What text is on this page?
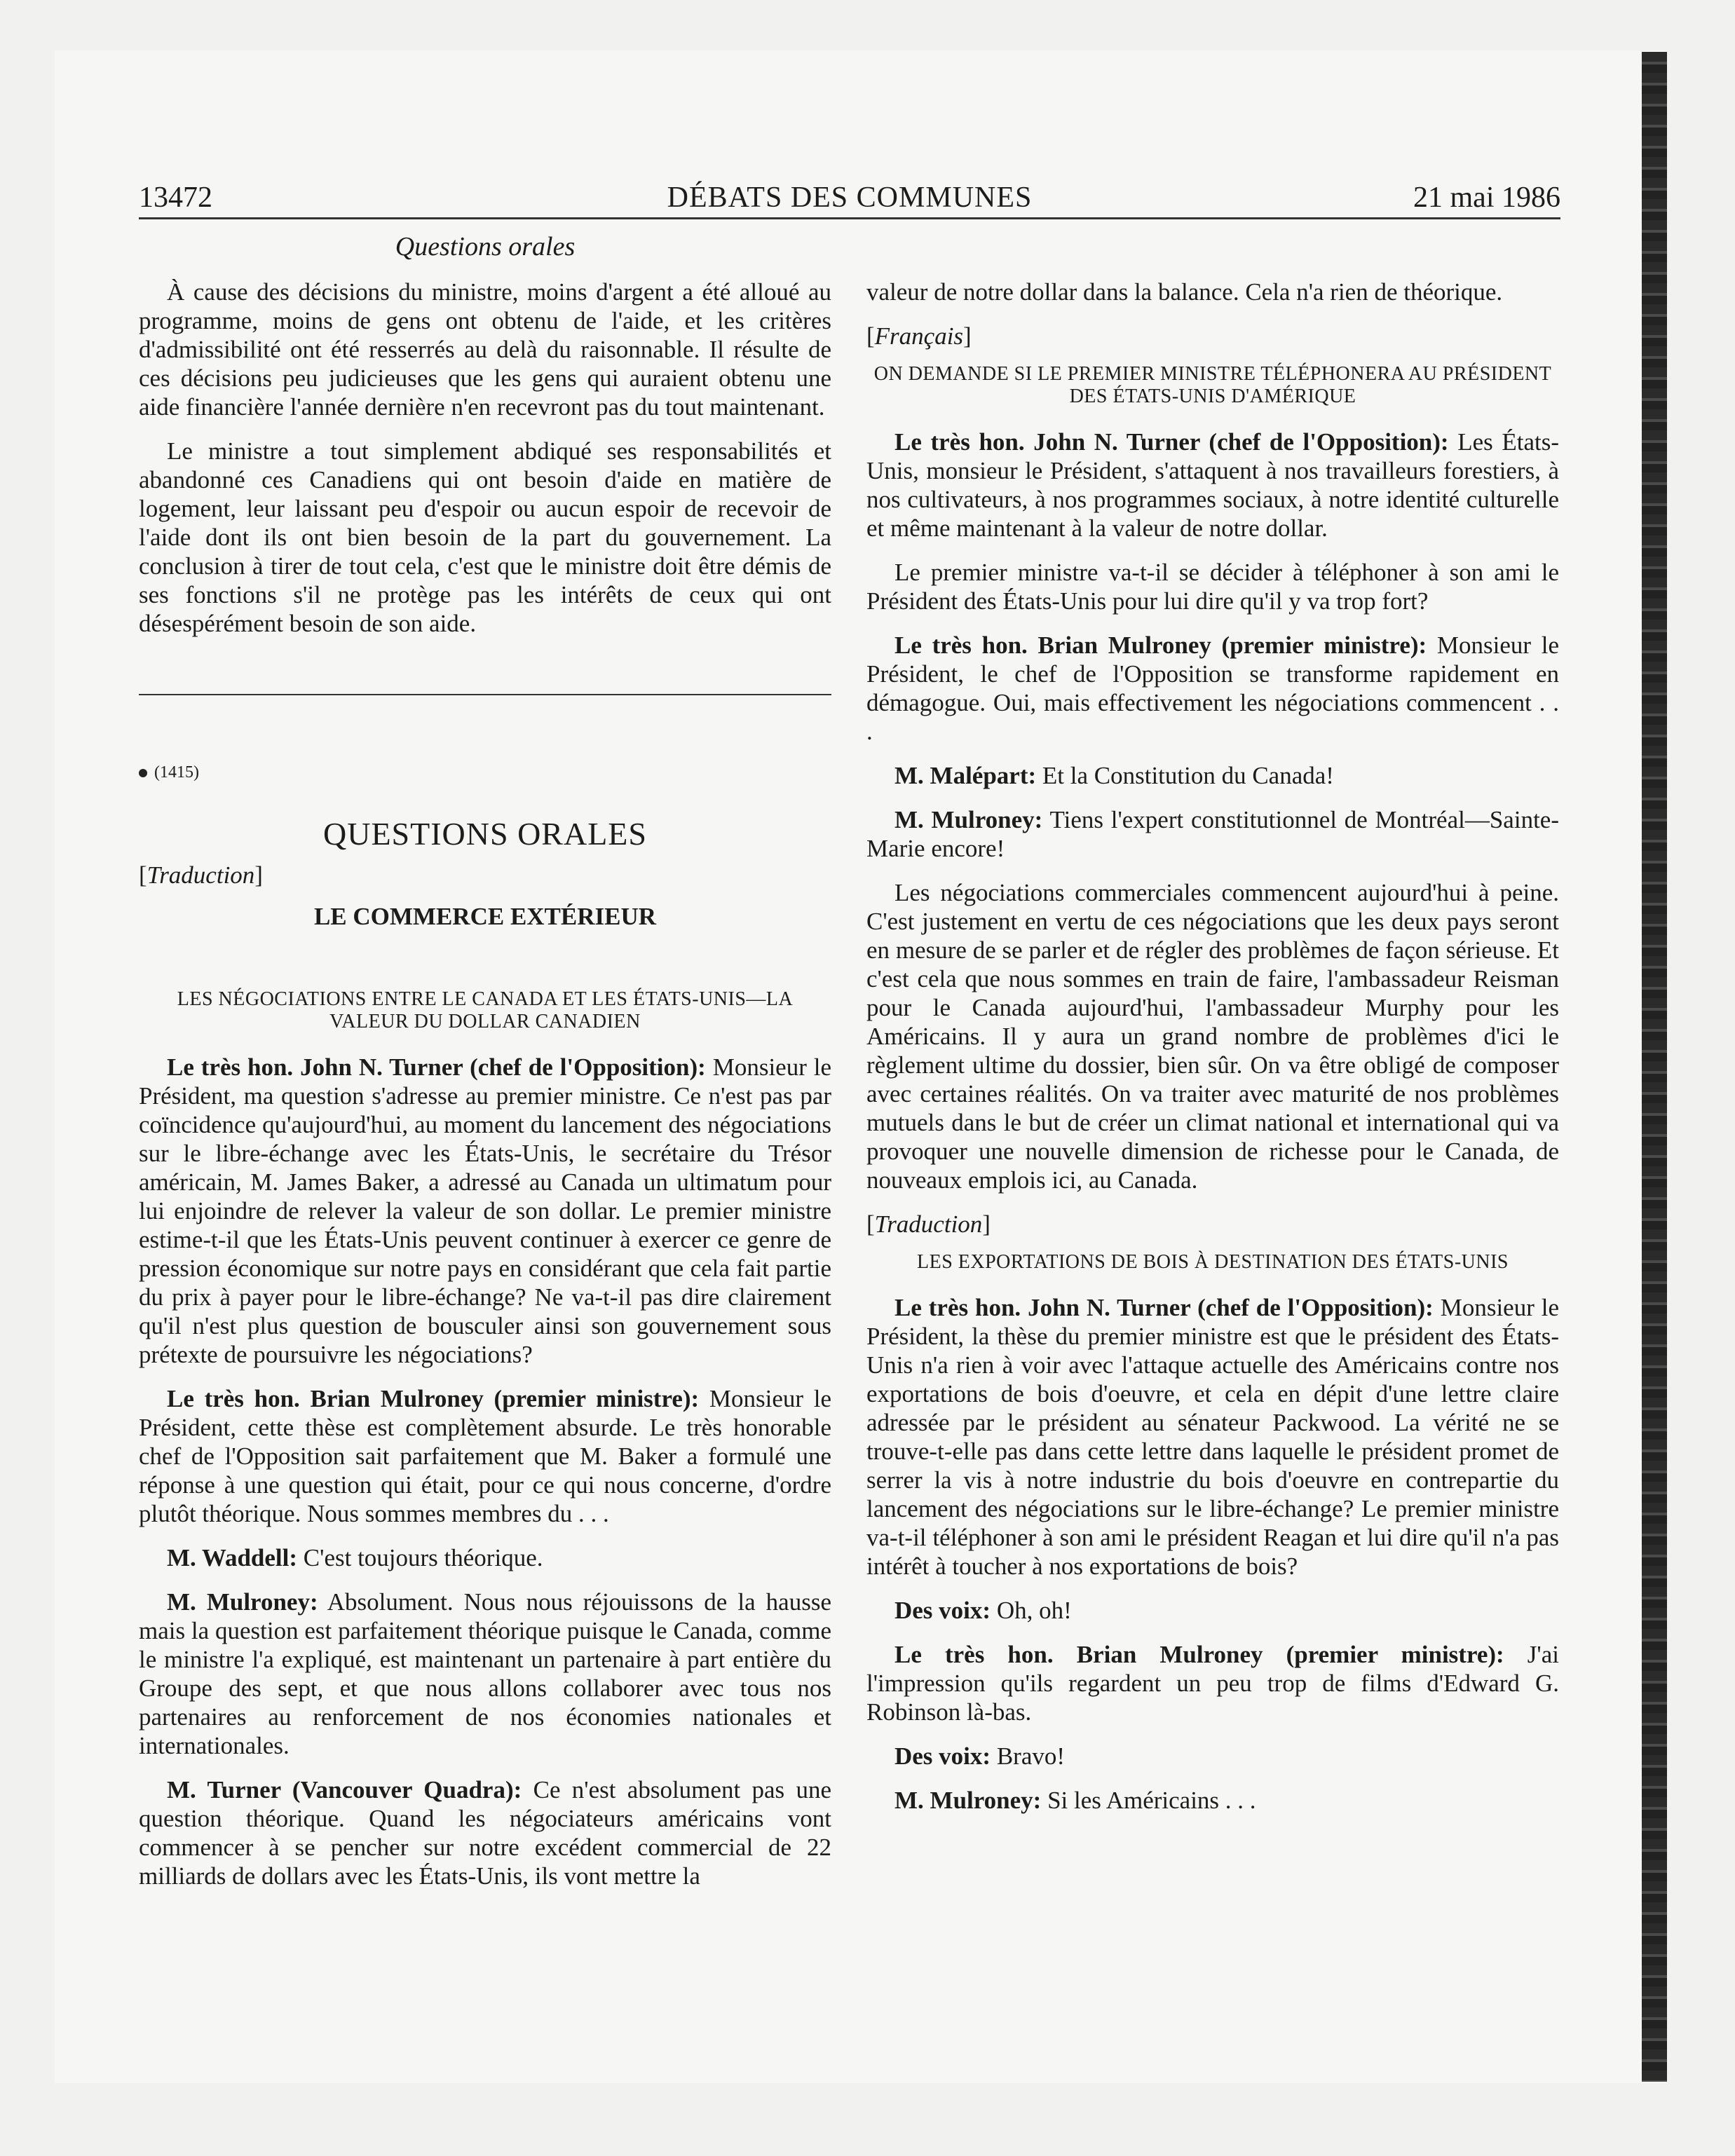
13472	DÉBATS DES COMMUNES	21 mai 1986
Questions orales

À cause des décisions du ministre, moins d'argent a été alloué au programme, moins de gens ont obtenu de l'aide, et les critères d'admissibilité ont été resserrés au delà du raisonnable. Il résulte de ces décisions peu judicieuses que les gens qui auraient obtenu une aide financière l'année dernière n'en recevront pas du tout maintenant.

Le ministre a tout simplement abdiqué ses responsabilités et abandonné ces Canadiens qui ont besoin d'aide en matière de logement, leur laissant peu d'espoir ou aucun espoir de recevoir de l'aide dont ils ont bien besoin de la part du gouvernement. La conclusion à tirer de tout cela, c'est que le ministre doit être démis de ses fonctions s'il ne protège pas les intérêts de ceux qui ont désespérément besoin de son aide.

(1415)
QUESTIONS ORALES
[Traduction]
LE COMMERCE EXTÉRIEUR
LES NÉGOCIATIONS ENTRE LE CANADA ET LES ÉTATS-UNIS—LA VALEUR DU DOLLAR CANADIEN

Le très hon. John N. Turner (chef de l'Opposition): Monsieur le Président, ma question s'adresse au premier ministre. Ce n'est pas par coïncidence qu'aujourd'hui, au moment du lancement des négociations sur le libre-échange avec les États-Unis, le secrétaire du Trésor américain, M. James Baker, a adressé au Canada un ultimatum pour lui enjoindre de relever la valeur de son dollar. Le premier ministre estime-t-il que les États-Unis peuvent continuer à exercer ce genre de pression économique sur notre pays en considérant que cela fait partie du prix à payer pour le libre-échange? Ne va-t-il pas dire clairement qu'il n'est plus question de bousculer ainsi son gouvernement sous prétexte de poursuivre les négociations?

Le très hon. Brian Mulroney (premier ministre): Monsieur le Président, cette thèse est complètement absurde. Le très honorable chef de l'Opposition sait parfaitement que M. Baker a formulé une réponse à une question qui était, pour ce qui nous concerne, d'ordre plutôt théorique. Nous sommes membres du . . .

M. Waddell: C'est toujours théorique.

M. Mulroney: Absolument. Nous nous réjouissons de la hausse mais la question est parfaitement théorique puisque le Canada, comme le ministre l'a expliqué, est maintenant un partenaire à part entière du Groupe des sept, et que nous allons collaborer avec tous nos partenaires au renforcement de nos économies nationales et internationales.

M. Turner (Vancouver Quadra): Ce n'est absolument pas une question théorique. Quand les négociateurs américains vont commencer à se pencher sur notre excédent commercial de 22 milliards de dollars avec les États-Unis, ils vont mettre la

valeur de notre dollar dans la balance. Cela n'a rien de théorique.

[Français]
ON DEMANDE SI LE PREMIER MINISTRE TÉLÉPHONERA AU PRÉSIDENT DES ÉTATS-UNIS D'AMÉRIQUE

Le très hon. John N. Turner (chef de l'Opposition): Les États-Unis, monsieur le Président, s'attaquent à nos travailleurs forestiers, à nos cultivateurs, à nos programmes sociaux, à notre identité culturelle et même maintenant à la valeur de notre dollar.

Le premier ministre va-t-il se décider à téléphoner à son ami le Président des États-Unis pour lui dire qu'il y va trop fort?

Le très hon. Brian Mulroney (premier ministre): Monsieur le Président, le chef de l'Opposition se transforme rapidement en démagogue. Oui, mais effectivement les négociations commencent . . .

M. Malépart: Et la Constitution du Canada!

M. Mulroney: Tiens l'expert constitutionnel de Montréal—Sainte-Marie encore!

Les négociations commerciales commencent aujourd'hui à peine. C'est justement en vertu de ces négociations que les deux pays seront en mesure de se parler et de régler des problèmes de façon sérieuse. Et c'est cela que nous sommes en train de faire, l'ambassadeur Reisman pour le Canada aujourd'hui, l'ambassadeur Murphy pour les Américains. Il y aura un grand nombre de problèmes d'ici le règlement ultime du dossier, bien sûr. On va être obligé de composer avec certaines réalités. On va traiter avec maturité de nos problèmes mutuels dans le but de créer un climat national et international qui va provoquer une nouvelle dimension de richesse pour le Canada, de nouveaux emplois ici, au Canada.

[Traduction]
LES EXPORTATIONS DE BOIS À DESTINATION DES ÉTATS-UNIS

Le très hon. John N. Turner (chef de l'Opposition): Monsieur le Président, la thèse du premier ministre est que le président des États-Unis n'a rien à voir avec l'attaque actuelle des Américains contre nos exportations de bois d'oeuvre, et cela en dépit d'une lettre claire adressée par le président au sénateur Packwood. La vérité ne se trouve-t-elle pas dans cette lettre dans laquelle le président promet de serrer la vis à notre industrie du bois d'oeuvre en contrepartie du lancement des négociations sur le libre-échange? Le premier ministre va-t-il téléphoner à son ami le président Reagan et lui dire qu'il n'a pas intérêt à toucher à nos exportations de bois?

Des voix: Oh, oh!

Le très hon. Brian Mulroney (premier ministre): J'ai l'impression qu'ils regardent un peu trop de films d'Edward G. Robinson là-bas.

Des voix: Bravo!

M. Mulroney: Si les Américains . . .
